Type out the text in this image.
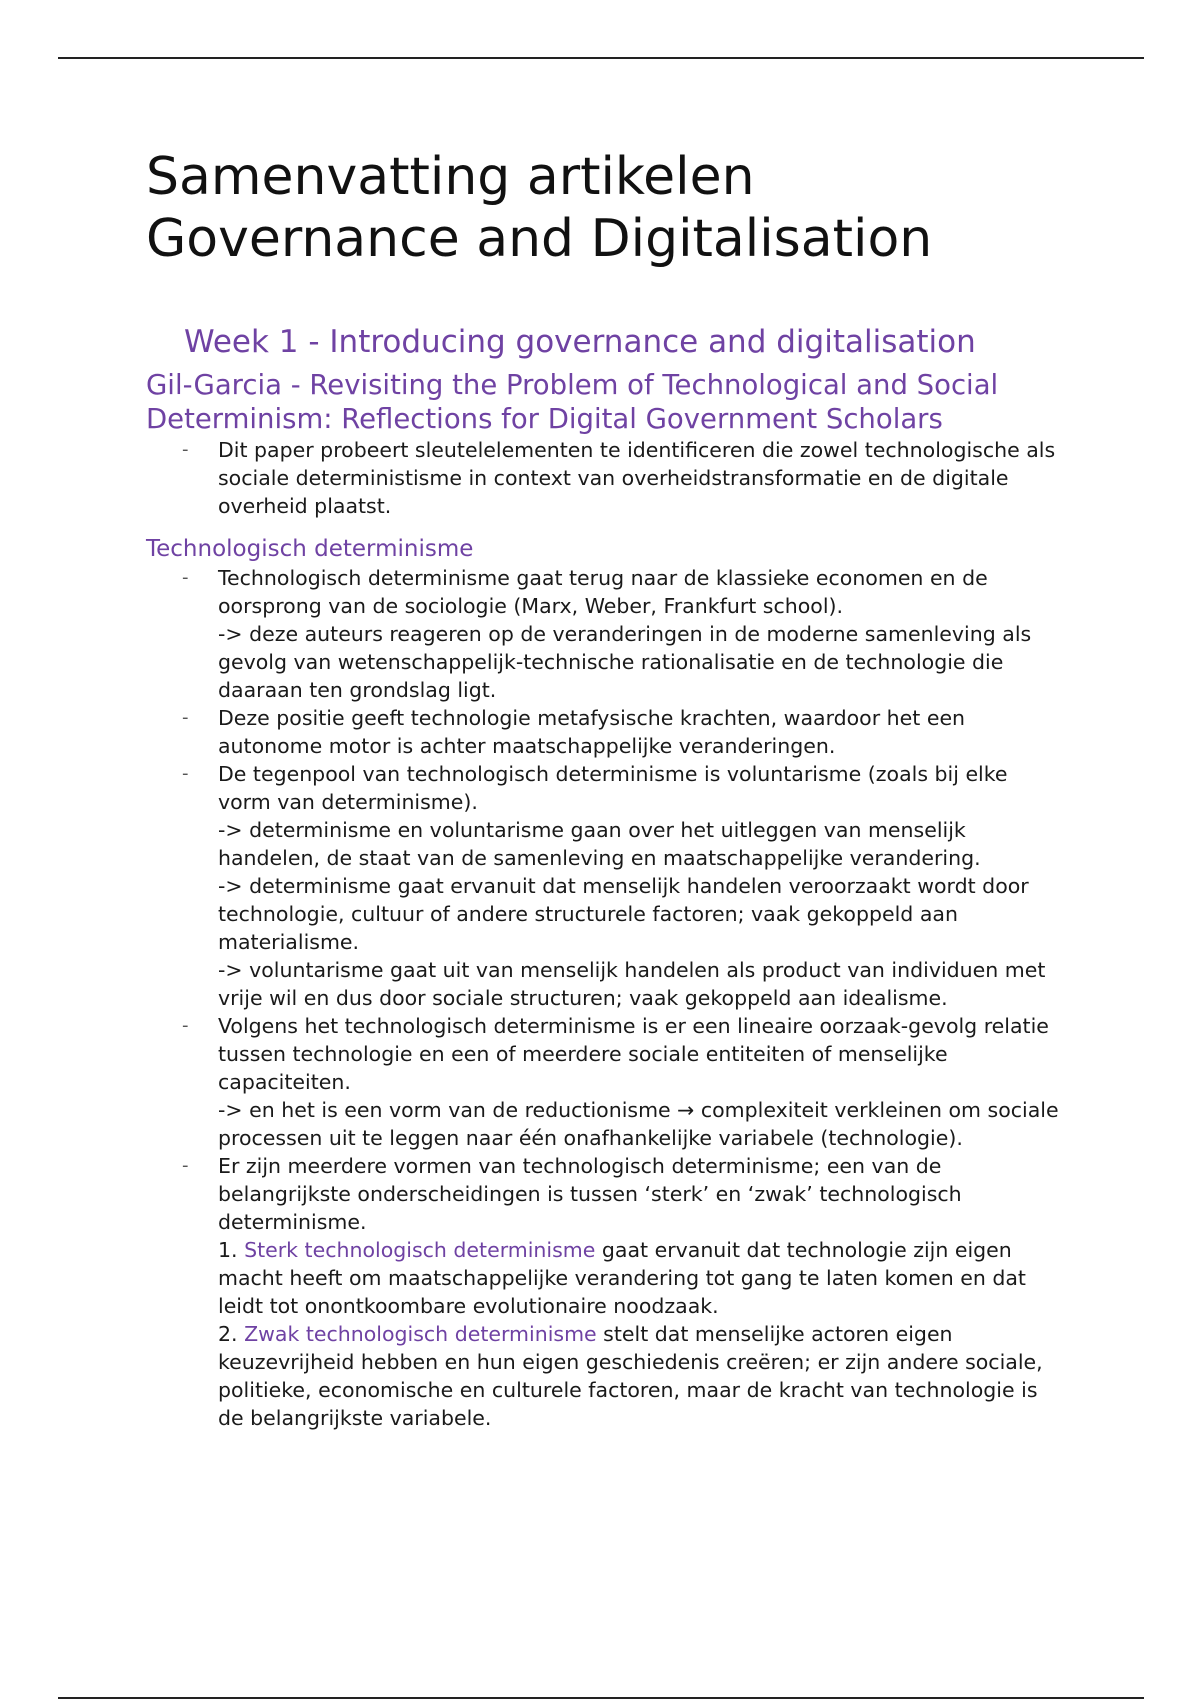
Samenvatting artikelen
Governance and Digitalisation
Week 1 - Introducing governance and digitalisation
Gil-Garcia - Revisiting the Problem of Technological and Social
Determinism: Reflections for Digital Government Scholars
- Dit paper probeert sleutelelementen te identificeren die zowel technologische als sociale deterministisme in context van overheidstransformatie en de digitale overheid plaatst.
Technologisch determinisme
- Technologisch determinisme gaat terug naar de klassieke economen en de oorsprong van de sociologie (Marx, Weber, Frankfurt school).
-> deze auteurs reageren op de veranderingen in de moderne samenleving als gevolg van wetenschappelijk-technische rationalisatie en de technologie die daaraan ten grondslag ligt.
- Deze positie geeft technologie metafysische krachten, waardoor het een autonome motor is achter maatschappelijke veranderingen.
- De tegenpool van technologisch determinisme is voluntarisme (zoals bij elke vorm van determinisme).
-> determinisme en voluntarisme gaan over het uitleggen van menselijk handelen, de staat van de samenleving en maatschappelijke verandering.
-> determinisme gaat ervanuit dat menselijk handelen veroorzaakt wordt door technologie, cultuur of andere structurele factoren; vaak gekoppeld aan materialisme.
-> voluntarisme gaat uit van menselijk handelen als product van individuen met vrije wil en dus door sociale structuren; vaak gekoppeld aan idealisme.
- Volgens het technologisch determinisme is er een lineaire oorzaak-gevolg relatie tussen technologie en een of meerdere sociale entiteiten of menselijke capaciteiten.
-> en het is een vorm van de reductionisme → complexiteit verkleinen om sociale processen uit te leggen naar één onafhankelijke variabele (technologie).
- Er zijn meerdere vormen van technologisch determinisme; een van de belangrijkste onderscheidingen is tussen ‘sterk’ en ‘zwak’ technologisch determinisme.
1. Sterk technologisch determinisme gaat ervanuit dat technologie zijn eigen macht heeft om maatschappelijke verandering tot gang te laten komen en dat leidt tot onontkoombare evolutionaire noodzaak.
2. Zwak technologisch determinisme stelt dat menselijke actoren eigen keuzevrijheid hebben en hun eigen geschiedenis creëren; er zijn andere sociale, politieke, economische en culturele factoren, maar de kracht van technologie is de belangrijkste variabele.
